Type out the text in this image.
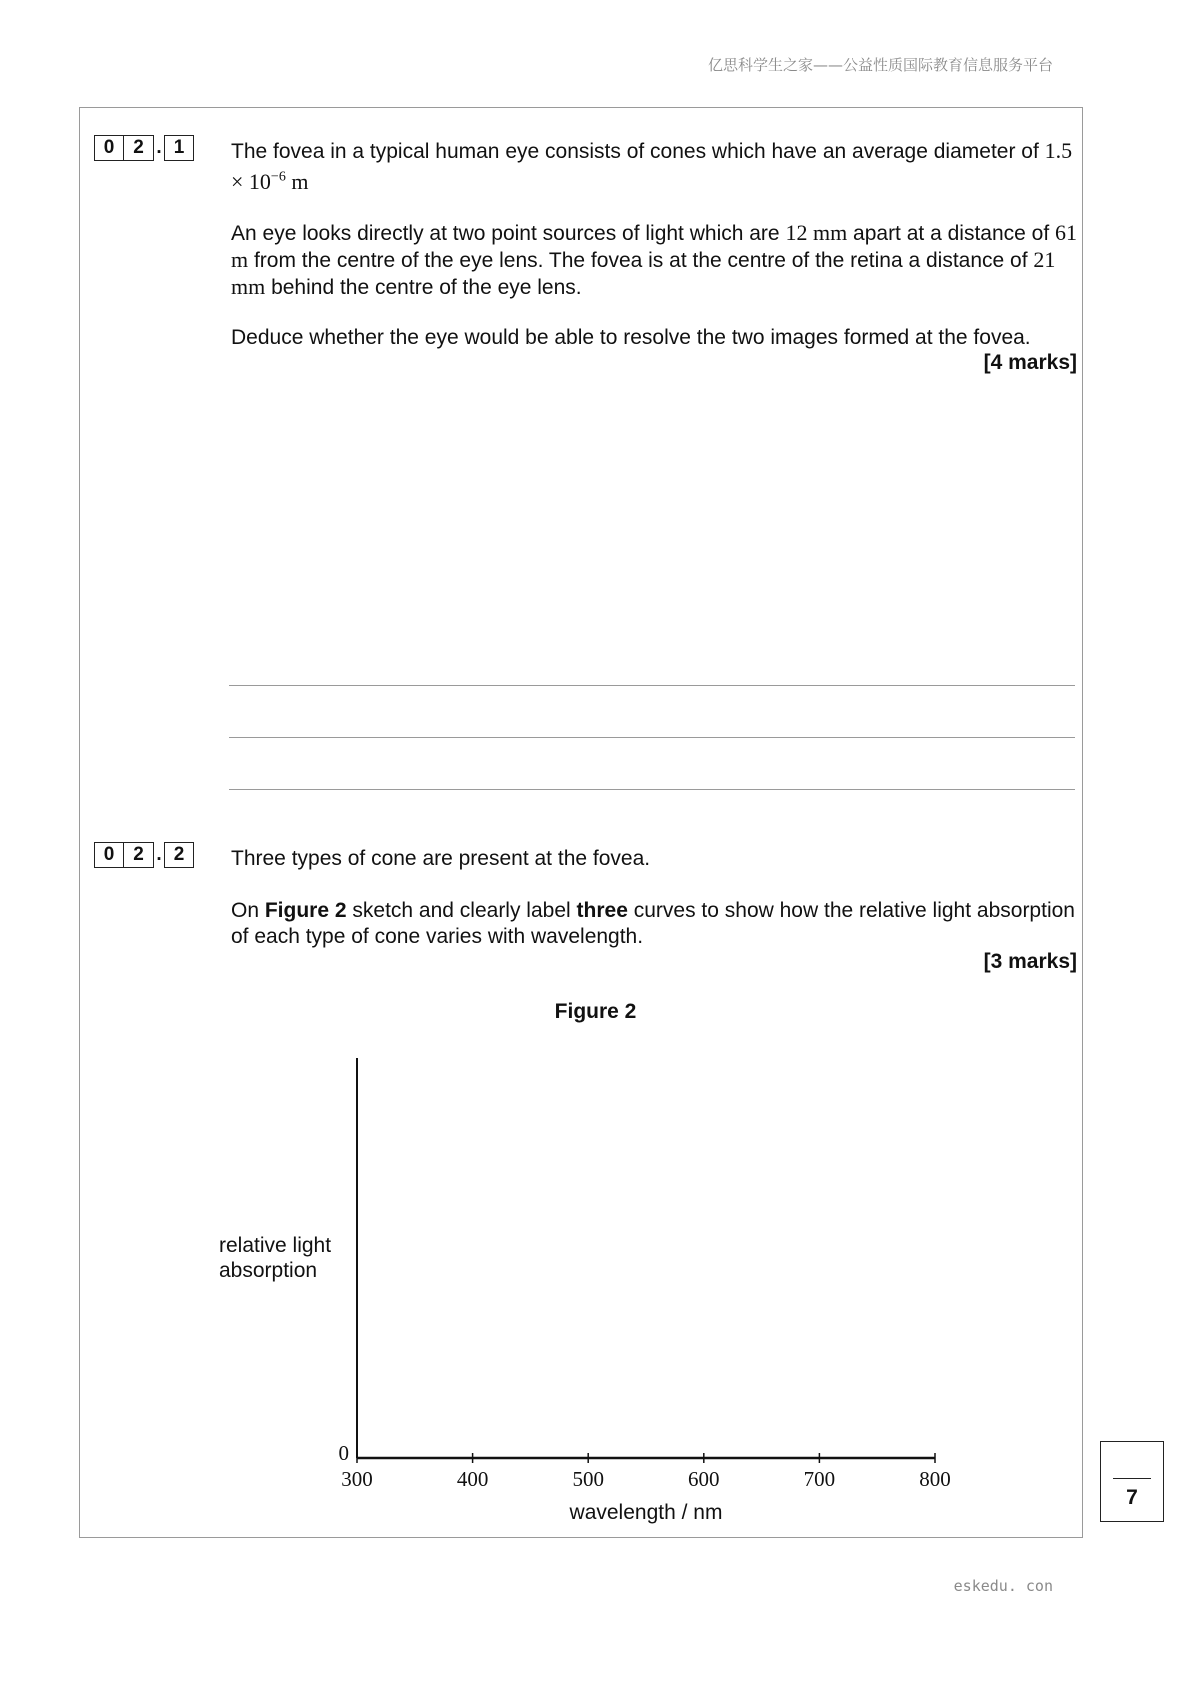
亿思科学生之家——公益性质国际教育信息服务平台
0 2 . 1	The fovea in a typical human eye consists of cones which have an average diameter of $1.5 \times 10^{-6}$ m

An eye looks directly at two point sources of light which are 12 mm apart at a distance of 61 m from the centre of the eye lens. The fovea is at the centre of the retina a distance of 21 mm behind the centre of the eye lens.

Deduce whether the eye would be able to resolve the two images formed at the fovea.

[4 marks]
0 2 . 2	Three types of cone are present at the fovea.

On Figure 2 sketch and clearly label three curves to show how the relative light absorption of each type of cone varies with wavelength.

[3 marks]
Figure 2
300	400	500	600	700	800
0
wavelength / nm
relative light
absorption
7
eskedu. con
